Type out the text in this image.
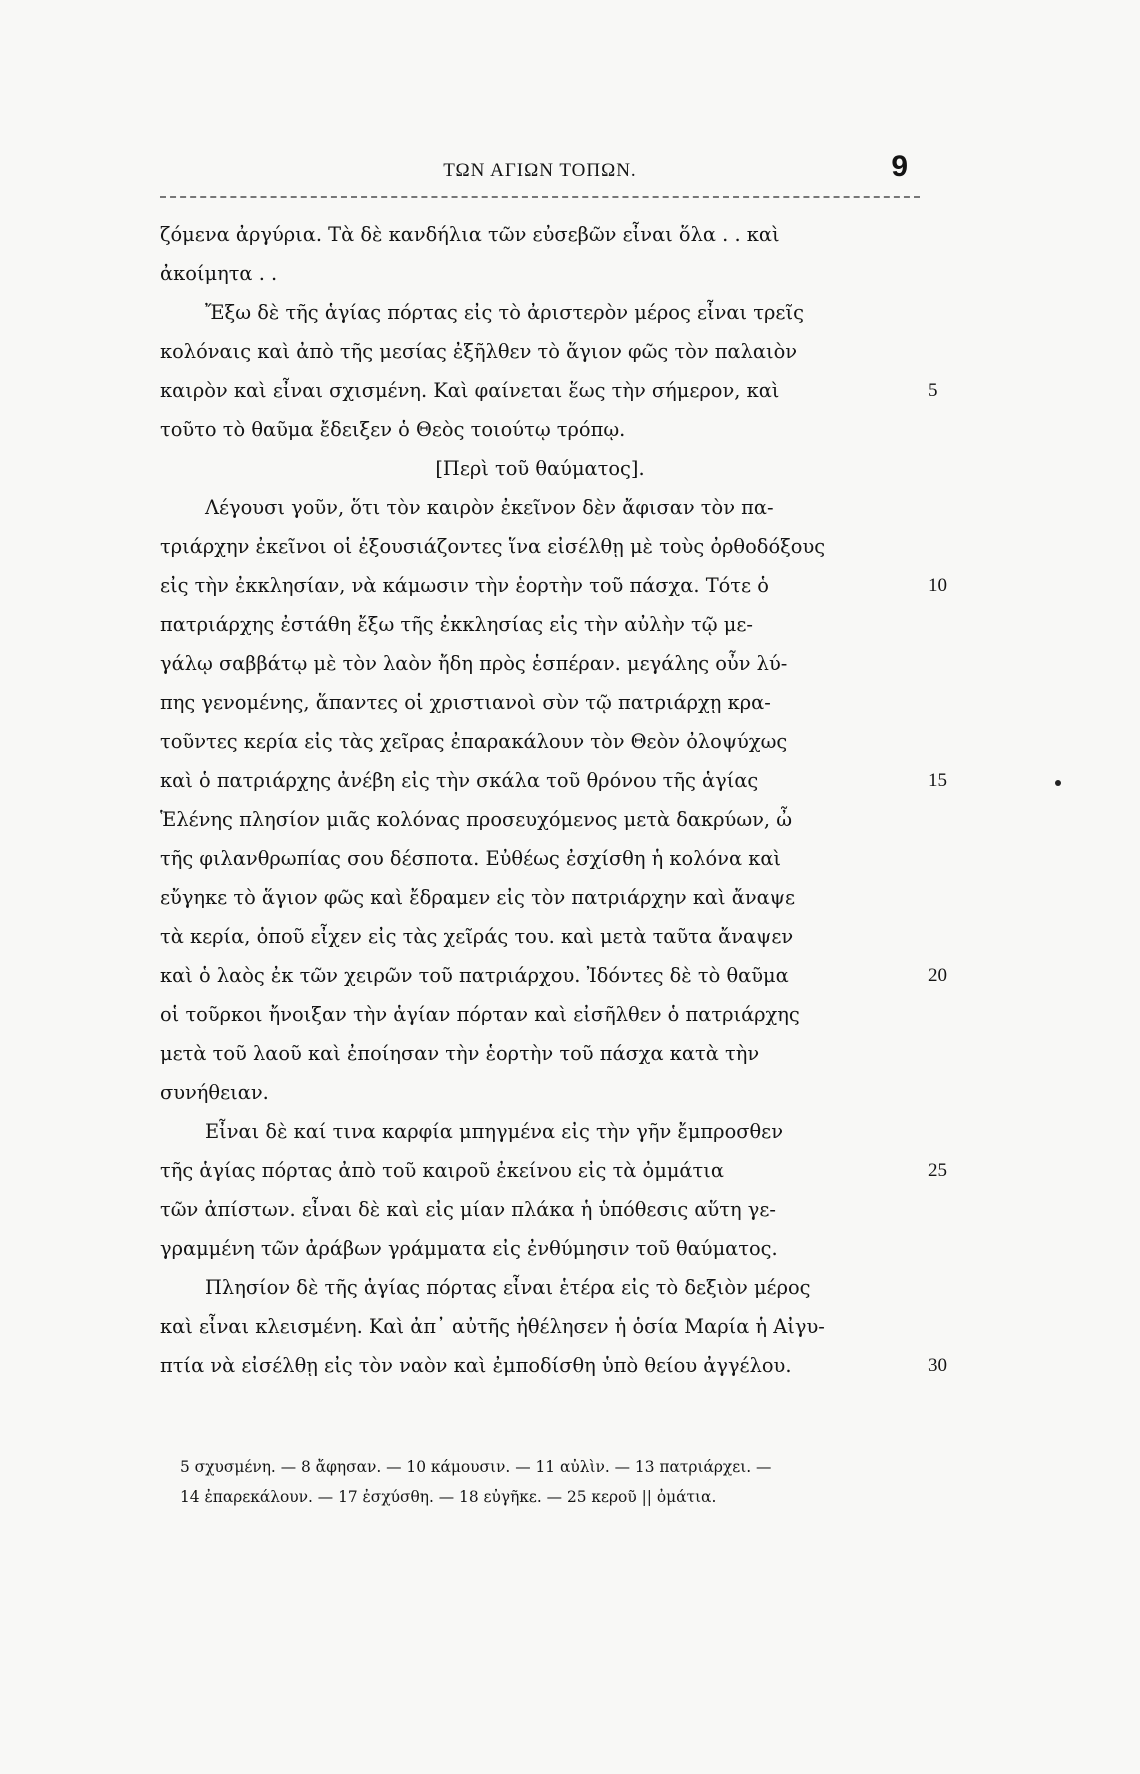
ΤΩΝ ΑΓΙΩΝ ΤΟΠΩΝ.	9
ζόμενα ἀργύρια. Τὰ δὲ κανδήλια τῶν εὐσεβῶν εἶναι ὅλα . . καὶ
ἀκοίμητα . .
Ἔξω δὲ τῆς ἁγίας πόρτας εἰς τὸ ἀριστερὸν μέρος εἶναι τρεῖς
κολόναις καὶ ἀπὸ τῆς μεσίας ἐξῆλθεν τὸ ἅγιον φῶς τὸν παλαιὸν
καιρὸν καὶ εἶναι σχισμένη. Καὶ φαίνεται ἕως τὴν σήμερον, καὶ	5
τοῦτο τὸ θαῦμα ἔδειξεν ὁ Θεὸς τοιούτῳ τρόπῳ.
[Περὶ τοῦ θαύματος].
Λέγουσι γοῦν, ὅτι τὸν καιρὸν ἐκεῖνον δὲν ἄφισαν τὸν πα-
τριάρχην ἐκεῖνοι οἱ ἐξουσιάζοντες ἵνα εἰσέλθῃ μὲ τοὺς ὀρθοδόξους
εἰς τὴν ἐκκλησίαν, νὰ κάμωσιν τὴν ἑορτὴν τοῦ πάσχα. Τότε ὁ	10
πατριάρχης ἐστάθη ἔξω τῆς ἐκκλησίας εἰς τὴν αὐλὴν τῷ με-
γάλῳ σαββάτῳ μὲ τὸν λαὸν ἤδη πρὸς ἑσπέραν. μεγάλης οὖν λύ-
πης γενομένης, ἅπαντες οἱ χριστιανοὶ σὺν τῷ πατριάρχῃ κρα-
τοῦντες κερία εἰς τὰς χεῖρας ἐπαρακάλουν τὸν Θεὸν ὀλοψύχως
καὶ ὁ πατριάρχης ἀνέβη εἰς τὴν σκάλα τοῦ θρόνου τῆς ἁγίας	15
Ἑλένης πλησίον μιᾶς κολόνας προσευχόμενος μετὰ δακρύων, ὦ
τῆς φιλανθρωπίας σου δέσποτα. Εὐθέως ἐσχίσθη ἡ κολόνα καὶ
εὔγηκε τὸ ἅγιον φῶς καὶ ἔδραμεν εἰς τὸν πατριάρχην καὶ ἄναψε
τὰ κερία, ὁποῦ εἶχεν εἰς τὰς χεῖράς του. καὶ μετὰ ταῦτα ἄναψεν
καὶ ὁ λαὸς ἐκ τῶν χειρῶν τοῦ πατριάρχου. Ἰδόντες δὲ τὸ θαῦμα	20
οἱ τοῦρκοι ἤνοιξαν τὴν ἁγίαν πόρταν καὶ εἰσῆλθεν ὁ πατριάρχης
μετὰ τοῦ λαοῦ καὶ ἐποίησαν τὴν ἑορτὴν τοῦ πάσχα κατὰ τὴν
συνήθειαν.
Εἶναι δὲ καί τινα καρφία μπηγμένα εἰς τὴν γῆν ἔμπροσθεν
τῆς ἁγίας πόρτας ἀπὸ τοῦ καιροῦ ἐκείνου εἰς τὰ ὀμμάτια	25
τῶν ἀπίστων. εἶναι δὲ καὶ εἰς μίαν πλάκα ἡ ὑπόθεσις αὕτη γε-
γραμμένη τῶν ἀράβων γράμματα εἰς ἐνθύμησιν τοῦ θαύματος.
Πλησίον δὲ τῆς ἁγίας πόρτας εἶναι ἑτέρα εἰς τὸ δεξιὸν μέρος
καὶ εἶναι κλεισμένη. Καὶ ἀπ᾽ αὐτῆς ἠθέλησεν ἡ ὁσία Μαρία ἡ Αἰγυ-
πτία νὰ εἰσέλθῃ εἰς τὸν ναὸν καὶ ἐμποδίσθη ὑπὸ θείου ἀγγέλου.	30
5 σχυσμένη. — 8 ἄφησαν. — 10 κάμουσιν. — 11 αὐλὶν. — 13 πατριάρχει. —
14 ἐπαρεκάλουν. — 17 ἐσχύσθη. — 18 εὐγῆκε. — 25 κεροῦ || ὀμάτια.
